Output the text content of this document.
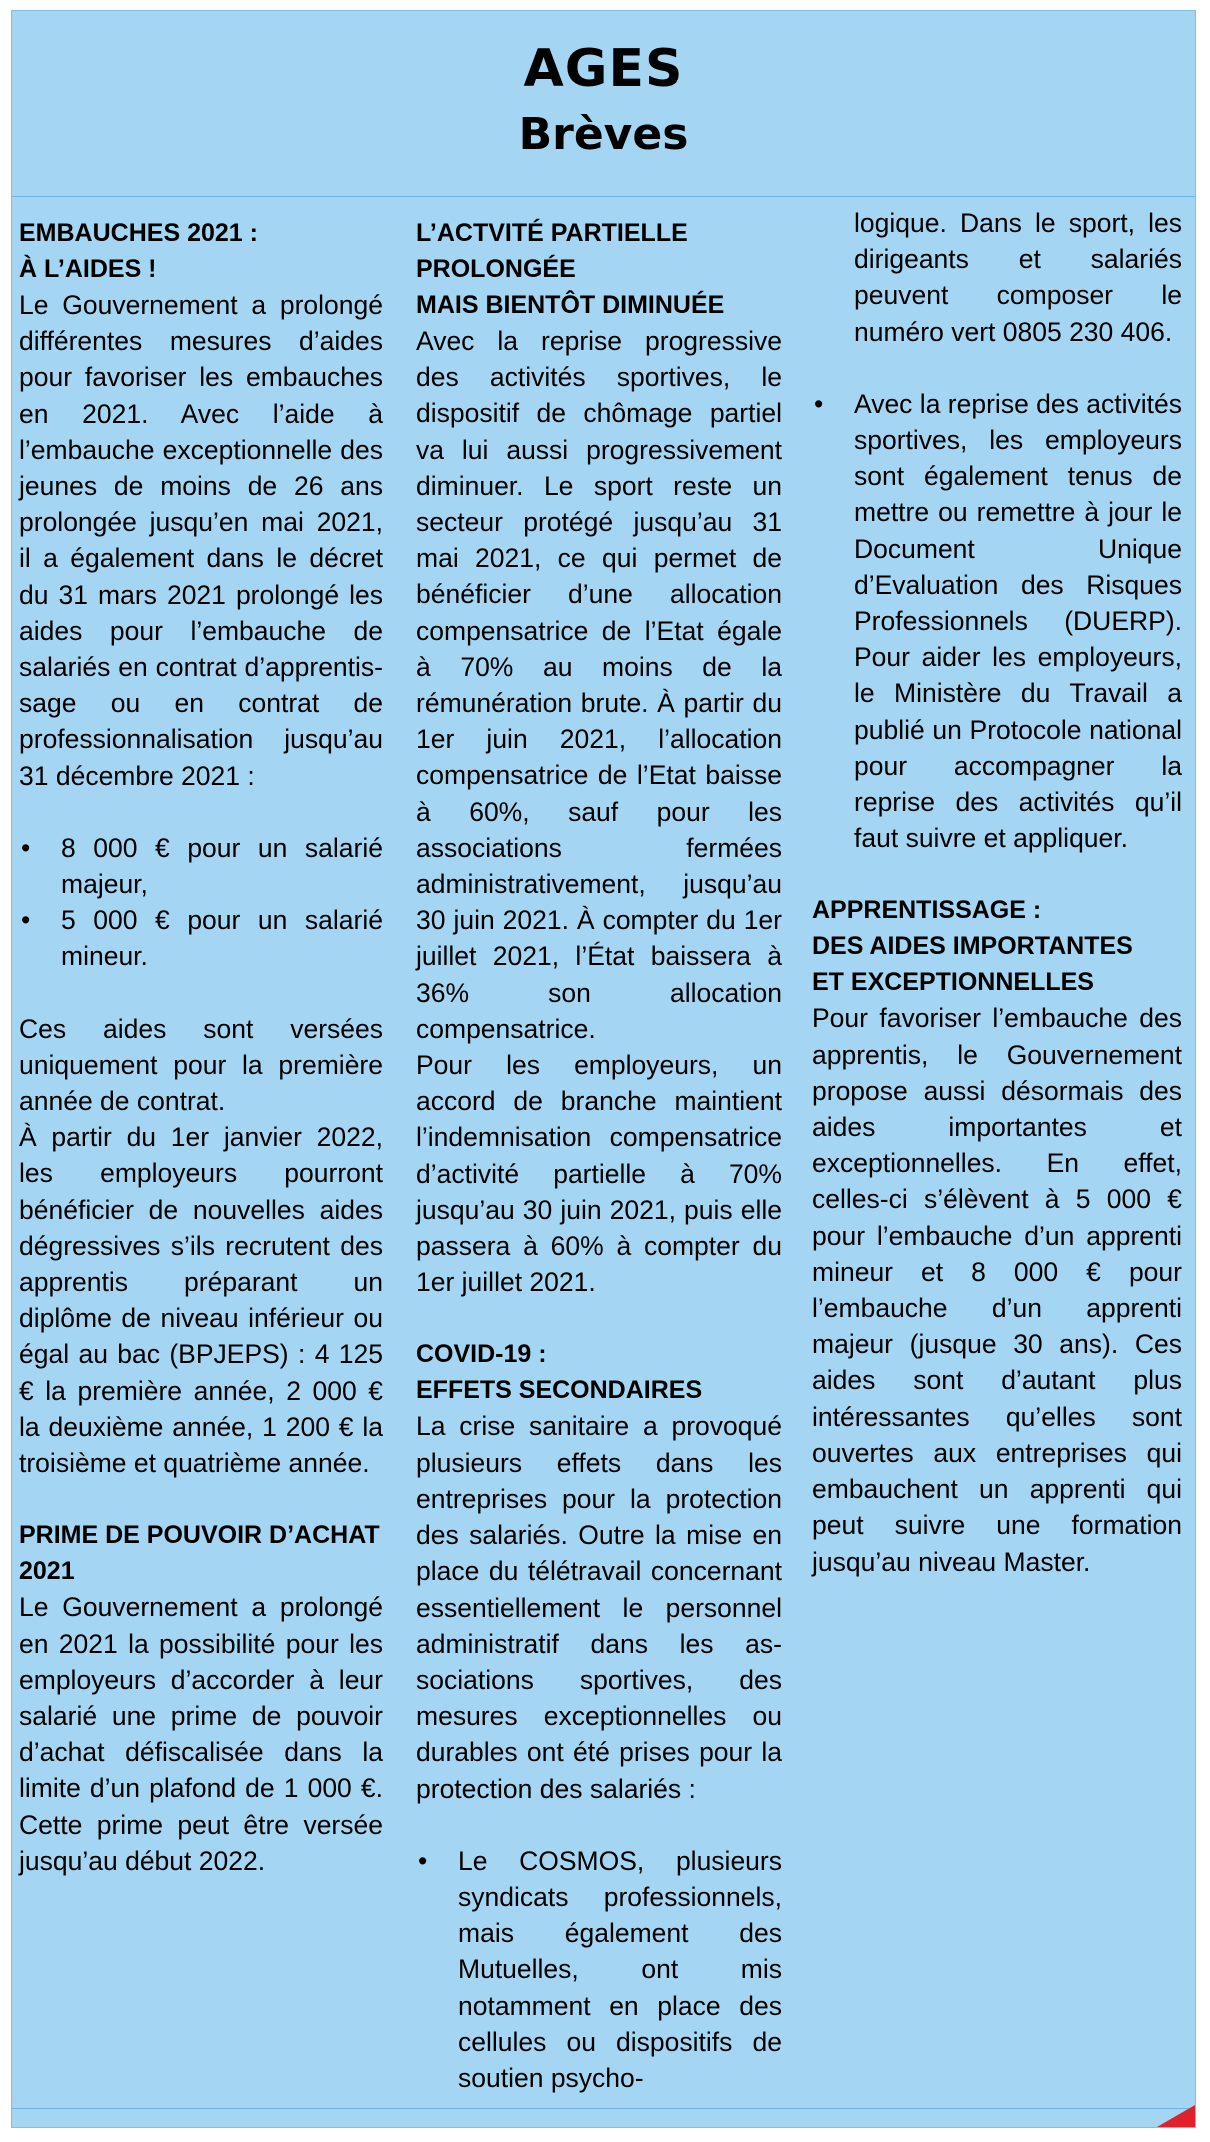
AGES
Brèves
EMBAUCHES 2021 :
À L’AIDES !

Le Gouvernement a prolongé différentes mesures d’aides pour favoriser les embauches en 2021. Avec l’aide à l’embauche exceptionnelle des jeunes de moins de 26 ans prolongée jusqu’en mai 2021, il a également dans le décret du 31 mars 2021 prolongé les aides pour l’embauche de salariés en contrat d’apprentis-sage ou en contrat de professionnalisation jusqu’au 31 décembre 2021 :

• 8 000 € pour un salarié majeur,
• 5 000 € pour un salarié mineur.

Ces aides sont versées uniquement pour la première année de contrat.

À partir du 1er janvier 2022, les employeurs pourront bénéficier de nouvelles aides dégressives s’ils recrutent des apprentis préparant un diplôme de niveau inférieur ou égal au bac (BPJEPS) : 4 125 € la première année, 2 000 € la deuxième année, 1 200 € la troisième et quatrième année.

PRIME DE POUVOIR D’ACHAT
2021

Le Gouvernement a prolongé en 2021 la possibilité pour les employeurs d’accorder à leur salarié une prime de pouvoir d’achat défiscalisée dans la limite d’un plafond de 1 000 €. Cette prime peut être versée jusqu’au début 2022.

L’ACTVITÉ PARTIELLE
PROLONGÉE
MAIS BIENTÔT DIMINUÉE

Avec la reprise progressive des activités sportives, le dispositif de chômage partiel va lui aussi progressivement diminuer. Le sport reste un secteur protégé jusqu’au 31 mai 2021, ce qui permet de bénéficier d’une allocation compensatrice de l’Etat égale à 70% au moins de la rémunération brute. À partir du 1er juin 2021, l’allocation compensatrice de l’Etat baisse à 60%, sauf pour les associations fermées administrativement, jusqu’au 30 juin 2021. À compter du 1er juillet 2021, l’État baissera à 36% son allocation compensatrice.

Pour les employeurs, un accord de branche maintient l’indemnisation compensatrice d’activité partielle à 70% jusqu’au 30 juin 2021, puis elle passera à 60% à compter du 1er juillet 2021.

COVID-19 :
EFFETS SECONDAIRES

La crise sanitaire a provoqué plusieurs effets dans les entreprises pour la protection des salariés. Outre la mise en place du télétravail concernant essentiellement le personnel administratif dans les as-sociations sportives, des mesures exceptionnelles ou durables ont été prises pour la protection des salariés :

• Le COSMOS, plusieurs syndicats professionnels, mais également des Mutuelles, ont mis notamment en place des cellules ou dispositifs de soutien psycho-

logique. Dans le sport, les dirigeants et salariés peuvent composer le numéro vert 0805 230 406.

• Avec la reprise des activités sportives, les employeurs sont également tenus de mettre ou remettre à jour le Document Unique d’Evaluation des Risques Professionnels (DUERP). Pour aider les employeurs, le Ministère du Travail a publié un Protocole national pour accompagner la reprise des activités qu’il faut suivre et appliquer.
APPRENTISSAGE :
DES AIDES IMPORTANTES
ET EXCEPTIONNELLES

Pour favoriser l’embauche des apprentis, le Gouvernement propose aussi désormais des aides importantes et exceptionnelles. En effet, celles-ci s’élèvent à 5 000 € pour l’embauche d’un apprenti mineur et 8 000 € pour l’embauche d’un apprenti majeur (jusque 30 ans). Ces aides sont d’autant plus intéressantes qu’elles sont ouvertes aux entreprises qui embauchent un apprenti qui peut suivre une formation jusqu’au niveau Master.
